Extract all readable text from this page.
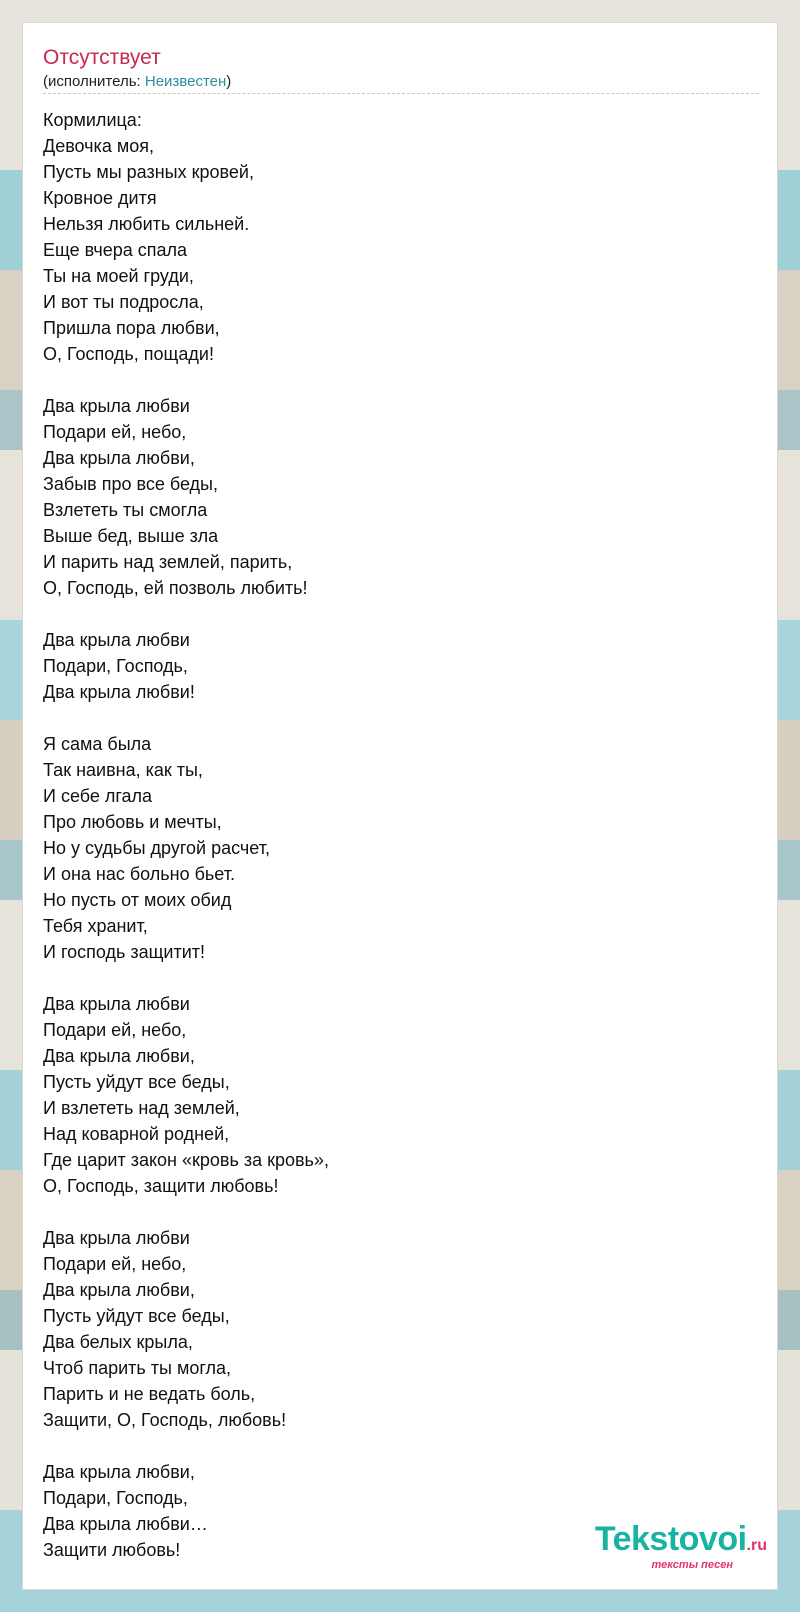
Отсутствует
(исполнитель: Неизвестен)
Кормилица:
Девочка моя,
Пусть мы разных кровей,
Кровное дитя
Нельзя любить сильней.
Еще вчера спала
Ты на моей груди,
И вот ты подросла,
Пришла пора любви,
О, Господь, пощади!
Два крыла любви
Подари ей, небо,
Два крыла любви,
Забыв про все беды,
Взлететь ты смогла
Выше бед, выше зла
И парить над землей, парить,
О, Господь, ей позволь любить!
Два крыла любви
Подари, Господь,
Два крыла любви!
Я сама была
Так наивна, как ты,
И себе лгала
Про любовь и мечты,
Но у судьбы другой расчет,
И она нас больно бьет.
Но пусть от моих обид
Тебя хранит,
И господь защитит!
Два крыла любви
Подари ей, небо,
Два крыла любви,
Пусть уйдут все беды,
И взлететь над землей,
Над коварной родней,
Где царит закон «кровь за кровь»,
О, Господь, защити любовь!
Два крыла любви
Подари ей, небо,
Два крыла любви,
Пусть уйдут все беды,
Два белых крыла,
Чтоб парить ты могла,
Парить и не ведать боль,
Защити, О, Господь, любовь!
Два крыла любви,
Подари, Господь,
Два крыла любви…
Защити любовь!	Tekstovoi.ru
тексты песен
